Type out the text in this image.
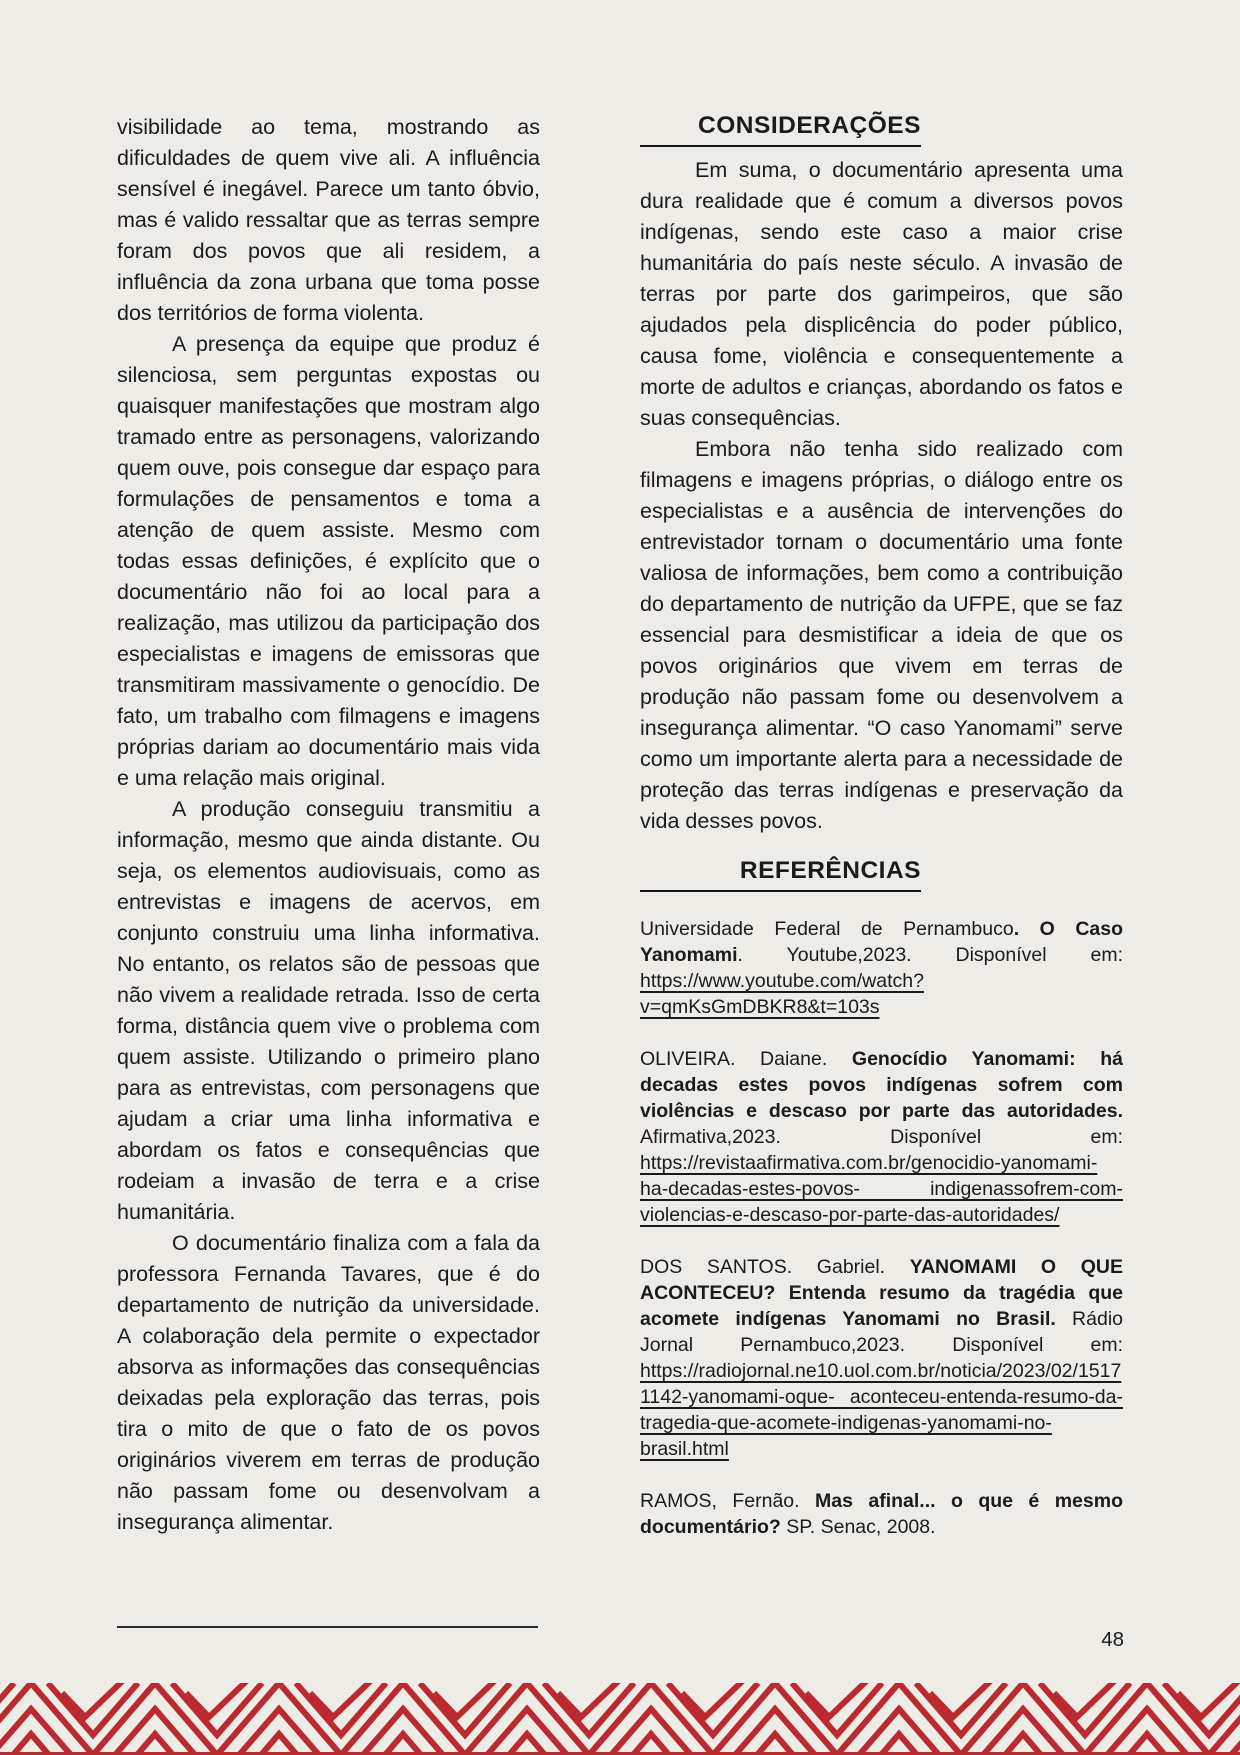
visibilidade ao tema, mostrando as dificuldades de quem vive ali. A influência sensível é inegável. Parece um tanto óbvio, mas é valido ressaltar que as terras sempre foram dos povos que ali residem, a influência da zona urbana que toma posse dos territórios de forma violenta.

A presença da equipe que produz é silenciosa, sem perguntas expostas ou quaisquer manifestações que mostram algo tramado entre as personagens, valorizando quem ouve, pois consegue dar espaço para formulações de pensamentos e toma a atenção de quem assiste. Mesmo com todas essas definições, é explícito que o documentário não foi ao local para a realização, mas utilizou da participação dos especialistas e imagens de emissoras que transmitiram massivamente o genocídio. De fato, um trabalho com filmagens e imagens próprias dariam ao documentário mais vida e uma relação mais original.

A produção conseguiu transmitiu a informação, mesmo que ainda distante. Ou seja, os elementos audiovisuais, como as entrevistas e imagens de acervos, em conjunto construiu uma linha informativa. No entanto, os relatos são de pessoas que não vivem a realidade retrada. Isso de certa forma, distância quem vive o problema com quem assiste. Utilizando o primeiro plano para as entrevistas, com personagens que ajudam a criar uma linha informativa e abordam os fatos e consequências que rodeiam a invasão de terra e a crise humanitária.

O documentário finaliza com a fala da professora Fernanda Tavares, que é do departamento de nutrição da universidade. A colaboração dela permite o expectador absorva as informações das consequências deixadas pela exploração das terras, pois tira o mito de que o fato de os povos originários viverem em terras de produção não passam fome ou desenvolvam a insegurança alimentar.

CONSIDERAÇÕES

Em suma, o documentário apresenta uma dura realidade que é comum a diversos povos indígenas, sendo este caso a maior crise humanitária do país neste século. A invasão de terras por parte dos garimpeiros, que são ajudados pela displicência do poder público, causa fome, violência e consequentemente a morte de adultos e crianças, abordando os fatos e suas consequências.

Embora não tenha sido realizado com filmagens e imagens próprias, o diálogo entre os especialistas e a ausência de intervenções do entrevistador tornam o documentário uma fonte valiosa de informações, bem como a contribuição do departamento de nutrição da UFPE, que se faz essencial para desmistificar a ideia de que os povos originários que vivem em terras de produção não passam fome ou desenvolvem a insegurança alimentar. “O caso Yanomami” serve como um importante alerta para a necessidade de proteção das terras indígenas e preservação da vida desses povos.

REFERÊNCIAS

Universidade Federal de Pernambuco. O Caso Yanomami. Youtube,2023. Disponível em: https://www.youtube.com/watch?v=qmKsGmDBKR8&t=103s

OLIVEIRA. Daiane. Genocídio Yanomami: há decadas estes povos indígenas sofrem com violências e descaso por parte das autoridades. Afirmativa,2023. Disponível em: https://revistaafirmativa.com.br/genocidio-yanomami-ha-decadas-estes-povos- indigenassofrem-com-violencias-e-descaso-por-parte-das-autoridades/

DOS SANTOS. Gabriel. YANOMAMI O QUE ACONTECEU? Entenda resumo da tragédia que acomete indígenas Yanomami no Brasil. Rádio Jornal Pernambuco,2023. Disponível em: https://radiojornal.ne10.uol.com.br/noticia/2023/02/15171142-yanomami-oque- aconteceu-entenda-resumo-da-tragedia-que-acomete-indigenas-yanomami-no-brasil.html

RAMOS, Fernão. Mas afinal... o que é mesmo documentário? SP. Senac, 2008.

48
